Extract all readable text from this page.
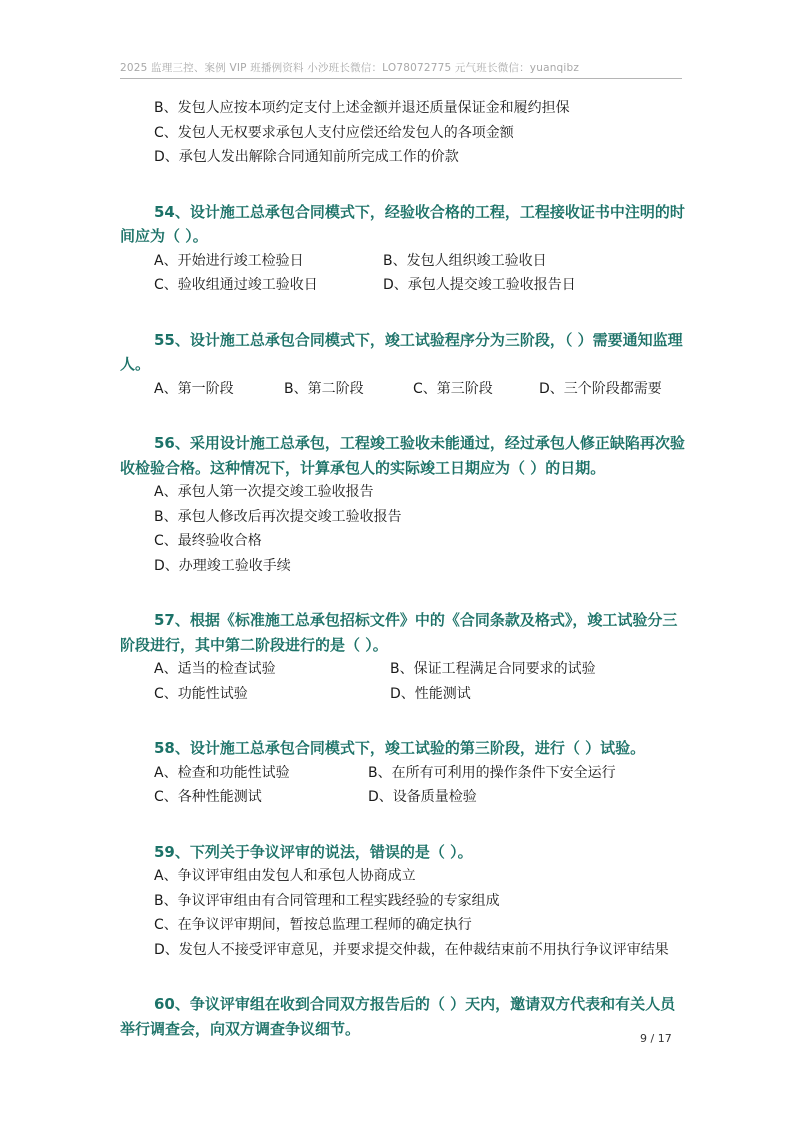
2025 监理三控、案例 VIP 班播例资料 小沙班长微信：LO78072775 元气班长微信：yuanqibz

B、发包人应按本项约定支付上述金额并退还质量保证金和履约担保

C、发包人无权要求承包人支付应偿还给发包人的各项金额

D、承包人发出解除合同通知前所完成工作的价款

54、设计施工总承包合同模式下，经验收合格的工程，工程接收证书中注明的时间应为（ ）。

A、开始进行竣工检验日	B、发包人组织竣工验收日
C、验收组通过竣工验收日	D、承包人提交竣工验收报告日

55、设计施工总承包合同模式下，竣工试验程序分为三阶段，（ ）需要通知监理人。

A、第一阶段	B、第二阶段	C、第三阶段	D、三个阶段都需要

56、采用设计施工总承包，工程竣工验收未能通过，经过承包人修正缺陷再次验收检验合格。这种情况下，计算承包人的实际竣工日期应为（ ）的日期。

A、承包人第一次提交竣工验收报告

B、承包人修改后再次提交竣工验收报告

C、最终验收合格

D、办理竣工验收手续

57、根据《标准施工总承包招标文件》中的《合同条款及格式》，竣工试验分三阶段进行，其中第二阶段进行的是（ ）。

A、适当的检查试验	B、保证工程满足合同要求的试验
C、功能性试验	D、性能测试

58、设计施工总承包合同模式下，竣工试验的第三阶段，进行（ ）试验。

A、检查和功能性试验	B、在所有可利用的操作条件下安全运行
C、各种性能测试	D、设备质量检验

59、下列关于争议评审的说法，错误的是（ ）。

A、争议评审组由发包人和承包人协商成立

B、争议评审组由有合同管理和工程实践经验的专家组成

C、在争议评审期间，暂按总监理工程师的确定执行

D、发包人不接受评审意见，并要求提交仲裁，在仲裁结束前不用执行争议评审结果

60、争议评审组在收到合同双方报告后的（ ）天内，邀请双方代表和有关人员举行调查会，向双方调查争议细节。

9 / 17
